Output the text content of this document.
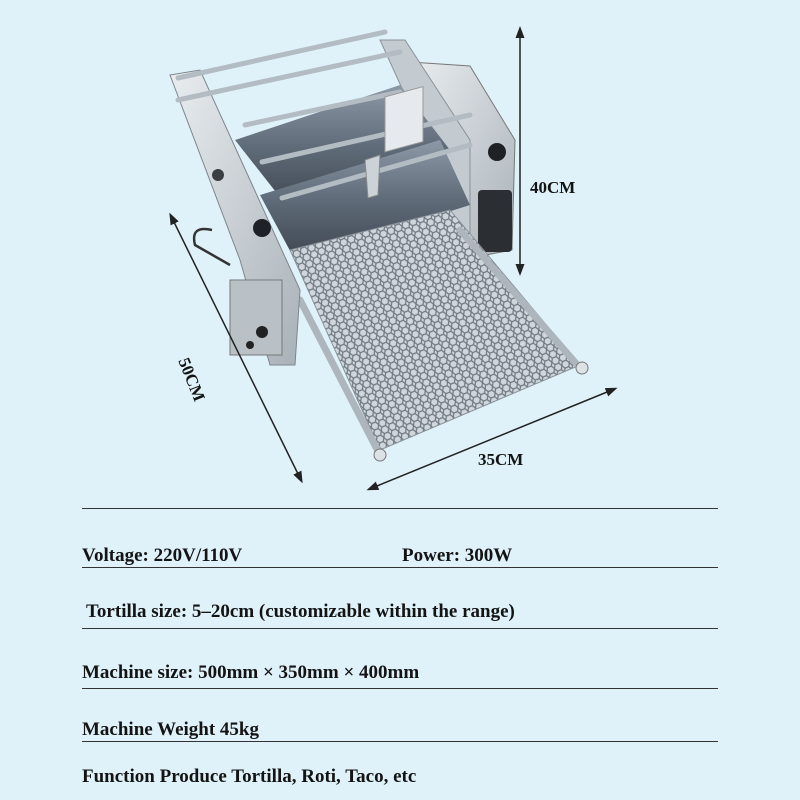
40CM
50CM
35CM
Voltage: 220V/110V	Power: 300W
Tortilla size: 5–20cm (customizable within the range)
Machine size: 500mm × 350mm × 400mm
Machine Weight 45kg
Function Produce Tortilla, Roti, Taco, etc
